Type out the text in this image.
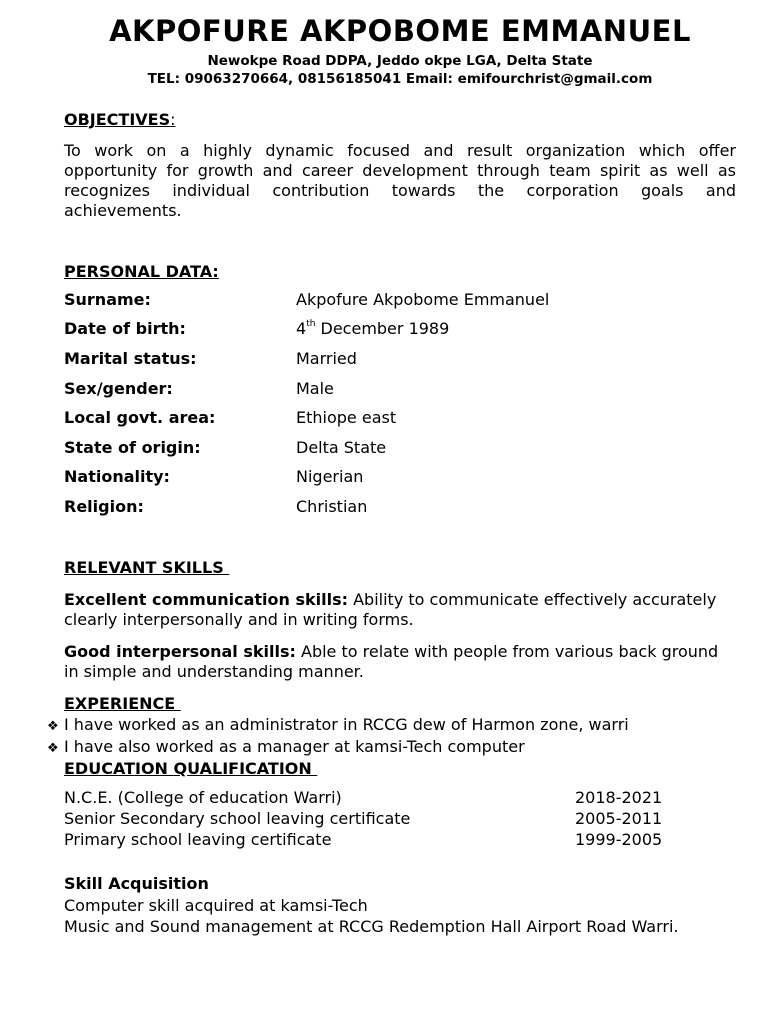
AKPOFURE AKPOBOME EMMANUEL
Newokpe Road DDPA, Jeddo okpe LGA, Delta State
TEL: 09063270664, 08156185041 Email: emifourchrist@gmail.com
OBJECTIVES:
To work on a highly dynamic focused and result organization which offer opportunity for growth and career development through team spirit as well as recognizes individual contribution towards the corporation goals and achievements.
PERSONAL DATA:
Surname:	Akpofure Akpobome Emmanuel
Date of birth:	4th December 1989
Marital status:	Married
Sex/gender:	Male
Local govt. area:	Ethiope east
State of origin:	Delta State
Nationality:	Nigerian
Religion:	Christian
RELEVANT SKILLS
Excellent communication skills: Ability to communicate effectively accurately clearly interpersonally and in writing forms.
Good interpersonal skills: Able to relate with people from various back ground in simple and understanding manner.
EXPERIENCE
❖ I have worked as an administrator in RCCG dew of Harmon zone, warri
❖ I have also worked as a manager at kamsi-Tech computer
EDUCATION QUALIFICATION
N.C.E. (College of education Warri)	2018-2021
Senior Secondary school leaving certificate	2005-2011
Primary school leaving certificate	1999-2005
Skill Acquisition
Computer skill acquired at kamsi-Tech
Music and Sound management at RCCG Redemption Hall Airport Road Warri.
